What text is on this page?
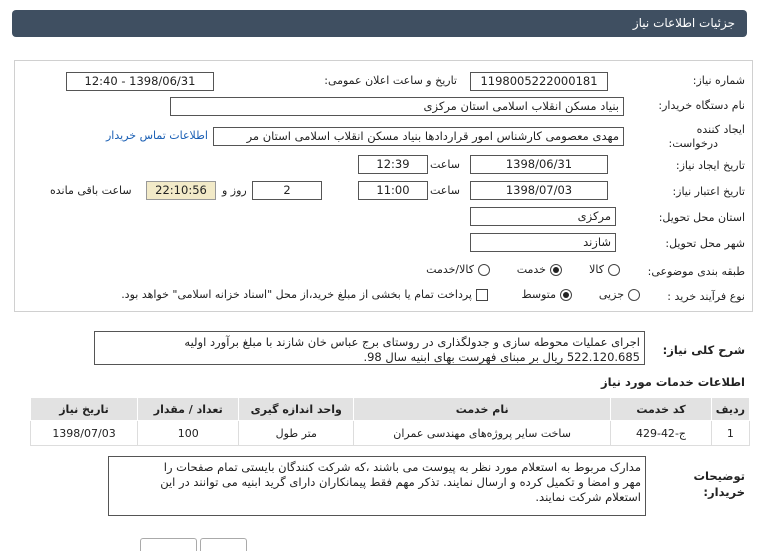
جزئیات اطلاعات نیاز
شماره نیاز:
1198005222000181
تاریخ و ساعت اعلان عمومی:
1398/06/31 - 12:40
نام دستگاه خریدار:
بنیاد مسکن انقلاب اسلامی استان مرکزی
ایجاد کننده
درخواست:
مهدی معصومی کارشناس امور قراردادها بنیاد مسکن انقلاب اسلامی استان مر
اطلاعات تماس خریدار
تاریخ ایجاد نیاز:
1398/06/31
ساعت
12:39
تاریخ اعتبار نیاز:
1398/07/03
ساعت
11:00
2
روز و
22:10:56
ساعت باقی مانده
استان محل تحویل:
مرکزی
شهر محل تحویل:
شازند
طبقه بندی موضوعی:
کالا
خدمت
کالا/خدمت
نوع فرآیند خرید :
جزیی
متوسط
پرداخت تمام یا بخشی از مبلغ خرید،از محل "اسناد خزانه اسلامی" خواهد بود.
شرح کلی نیاز:
اجرای عملیات محوطه سازی و جدولگذاری در روستای برج عباس خان شازند با مبلغ برآورد اولیه
522.120.685 ریال بر مبنای فهرست بهای ابنیه سال 98.
اطلاعات خدمات مورد نیاز
ردیف	کد خدمت	نام خدمت	واحد اندازه گیری	تعداد / مقدار	تاریخ نیاز
1	ج-42-429	ساخت سایر پروژه‌های مهندسی عمران	متر طول	100	1398/07/03
توضیحات
خریدار:
مدارک مربوط به استعلام مورد نظر به پیوست می باشند ،که شرکت کنندگان بایستی تمام صفحات را
مهر و امضا و تکمیل کرده و ارسال نمایند. تذکر مهم فقط پیمانکاران دارای گرید ابنیه می توانند در این
استعلام شرکت نمایند.
